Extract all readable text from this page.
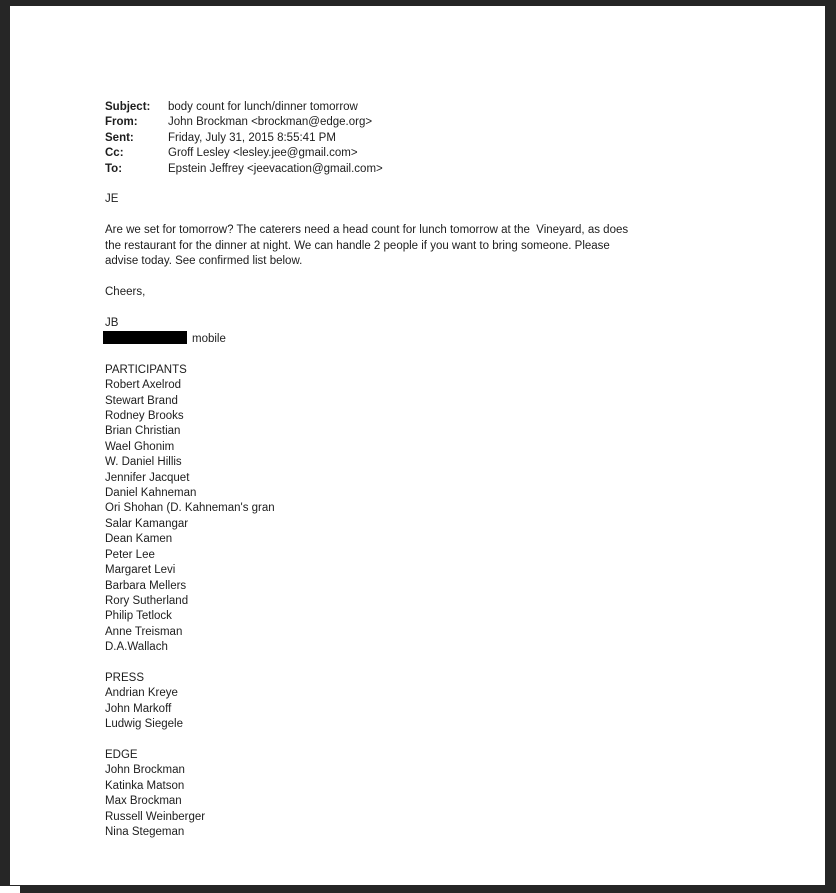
Subject:	body count for lunch/dinner tomorrow
From:	John Brockman <brockman@edge.org>
Sent:	Friday, July 31, 2015 8:55:41 PM
Cc:	Groff Lesley <lesley.jee@gmail.com>
To:	Epstein Jeffrey <jeevacation@gmail.com>
JE
Are we set for tomorrow? The caterers need a head count for lunch tomorrow at the  Vineyard, as does
the restaurant for the dinner at night. We can handle 2 people if you want to bring someone. Please
advise today. See confirmed list below.
Cheers,
JB
mobile
PARTICIPANTS
Robert Axelrod
Stewart Brand
Rodney Brooks
Brian Christian
Wael Ghonim
W. Daniel Hillis
Jennifer Jacquet
Daniel Kahneman
Ori Shohan (D. Kahneman's gran
Salar Kamangar
Dean Kamen
Peter Lee
Margaret Levi
Barbara Mellers
Rory Sutherland
Philip Tetlock
Anne Treisman
D.A.Wallach
PRESS
Andrian Kreye
John Markoff
Ludwig Siegele
EDGE
John Brockman
Katinka Matson
Max Brockman
Russell Weinberger
Nina Stegeman
